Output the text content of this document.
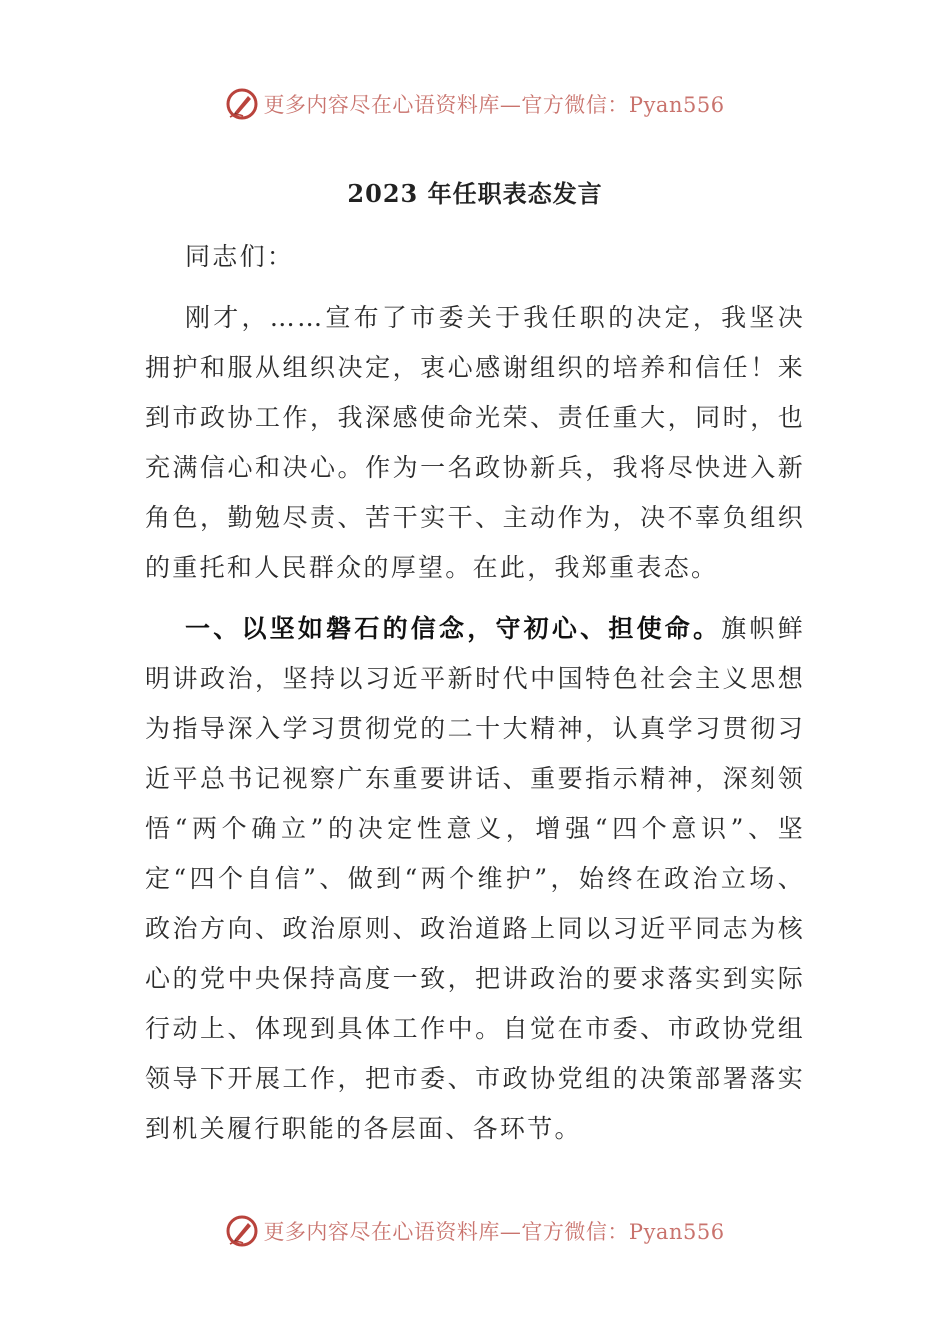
更多内容尽在心语资料库—官方微信：Pyan556
2023 年任职表态发言

同志们：

刚才，……宣布了市委关于我任职的决定，我坚决拥护和服从组织决定，衷心感谢组织的培养和信任！来到市政协工作，我深感使命光荣、责任重大，同时，也充满信心和决心。作为一名政协新兵，我将尽快进入新角色，勤勉尽责、苦干实干、主动作为，决不辜负组织的重托和人民群众的厚望。在此，我郑重表态。

一、以坚如磐石的信念，守初心、担使命。旗帜鲜明讲政治，坚持以习近平新时代中国特色社会主义思想为指导深入学习贯彻党的二十大精神，认真学习贯彻习近平总书记视察广东重要讲话、重要指示精神，深刻领悟“两个确立”的决定性意义，增强“四个意识”、坚定“四个自信”、做到“两个维护”，始终在政治立场、政治方向、政治原则、政治道路上同以习近平同志为核心的党中央保持高度一致，把讲政治的要求落实到实际行动上、体现到具体工作中。自觉在市委、市政协党组领导下开展工作，把市委、市政协党组的决策部署落实到机关履行职能的各层面、各环节。

更多内容尽在心语资料库—官方微信：Pyan556
